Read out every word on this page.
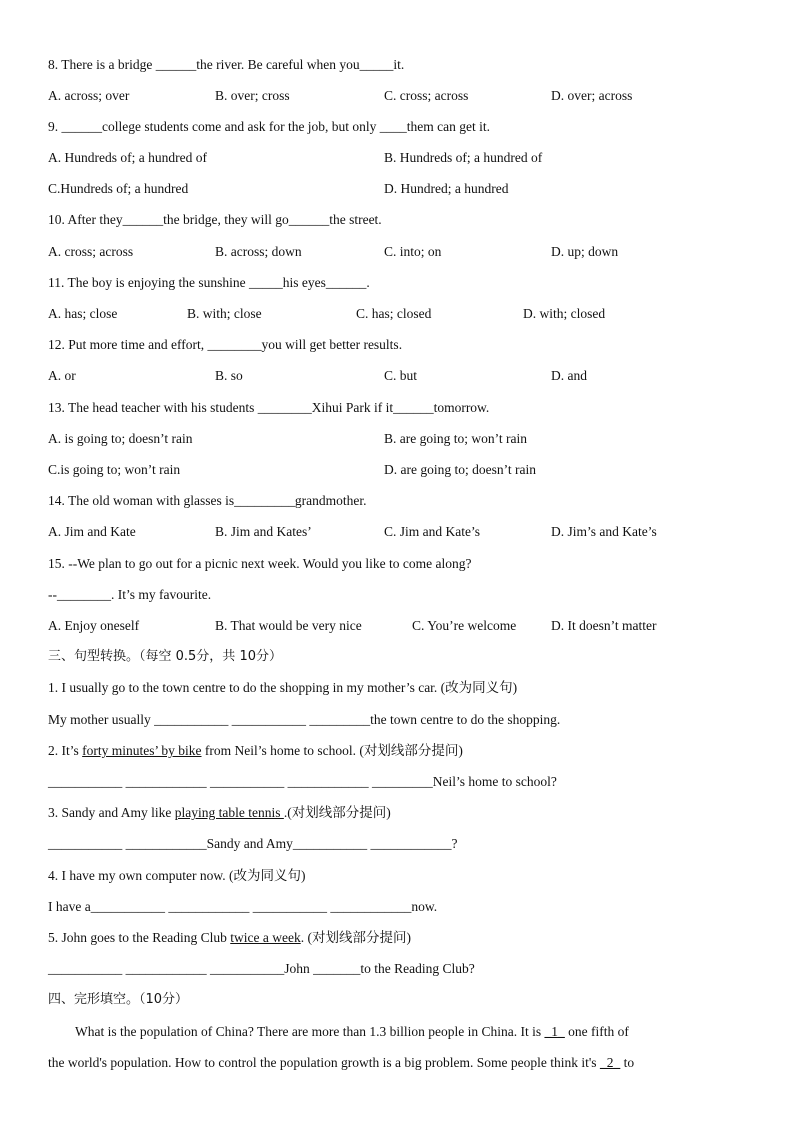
8. There is a bridge ______the river. Be careful when you_____it.
A. across; over	B. over; cross	C. cross; across	D. over; across
9. ______college students come and ask for the job, but only ____them can get it.
A. Hundreds of; a hundred of	B. Hundreds of; a hundred of
C.Hundreds of; a hundred	D. Hundred; a hundred
10. After they______the bridge, they will go______the street.
A. cross; across	B. across; down	C. into; on	D. up; down
11. The boy is enjoying the sunshine _____his eyes______.
A. has; close	B. with; close	C. has; closed	D. with; closed
12. Put more time and effort, ________you will get better results.
A. or	B. so	C. but	D. and
13. The head teacher with his students ________Xihui Park if it______tomorrow.
A. is going to; doesn’t rain	B. are going to; won’t rain
C.is going to; won’t rain	D. are going to; doesn’t rain
14. The old woman with glasses is_________grandmother.
A. Jim and Kate	B. Jim and Kates’	C. Jim and Kate’s	D. Jim’s and Kate’s
15. --We plan to go out for a picnic next week. Would you like to come along?
--________. It’s my favourite.
A. Enjoy oneself	B. That would be very nice	C. You’re welcome	D. It doesn’t matter
三、句型转换。（每空 0.5分，共 10分）
1. I usually go to the town centre to do the shopping in my mother’s car. (改为同义句)
My mother usually ___________ ___________ _________the town centre to do the shopping.
2. It’s forty minutes’ by bike from Neil’s home to school. (对划线部分提问)
___________ ____________ ___________ ____________ _________Neil’s home to school?
3. Sandy and Amy like playing table tennis .(对划线部分提问)
___________ ____________Sandy and Amy___________ ____________?
4. I have my own computer now. (改为同义句)
I have a___________ ____________ ___________ ____________now.
5. John goes to the Reading Club twice a week. (对划线部分提问)
___________ ____________ ___________John _______to the Reading Club?
四、完形填空。（10分）
What is the population of China? There are more than 1.3 billion people in China. It is _1_ one fifth of
the world's population. How to control the population growth is a big problem. Some people think it's _2_ to
